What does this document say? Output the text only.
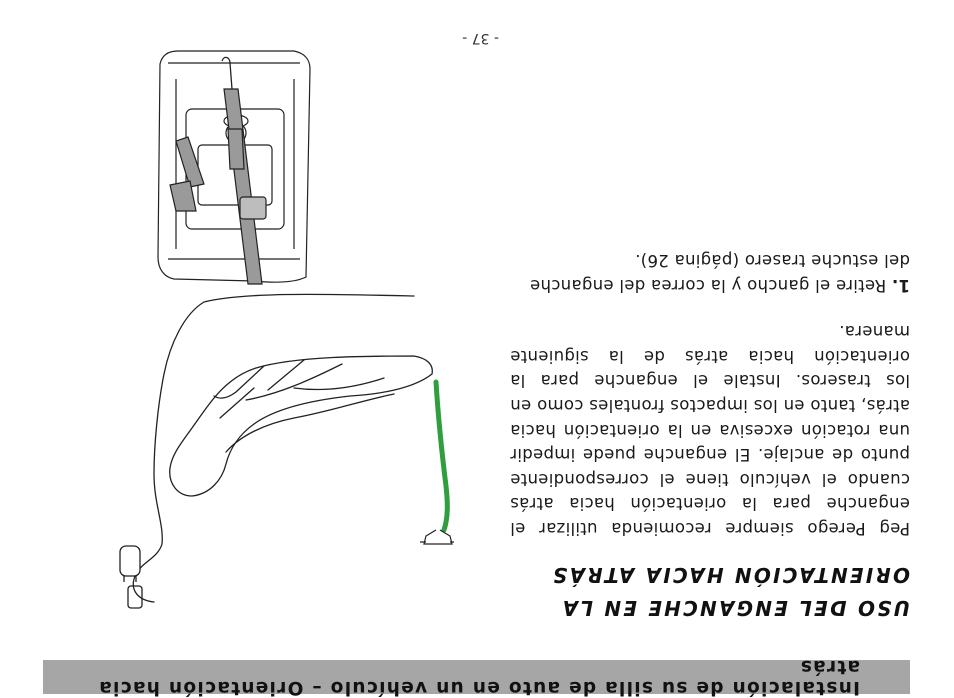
Instalación de su silla de auto en un vehículo – Orientación hacia atrás
- 37 -
USO DEL ENGANCHE EN LA
ORIENTACIÓN HACIA ATRÁS

Peg Perego siempre recomienda utilizar el enganche para la orientación hacia atrás cuando el vehículo tiene el correspondiente punto de anclaje. El enganche puede impedir una rotación excesiva en la orientación hacia atrás, tanto en los impactos frontales como en los traseros. Instale el enganche para la orientación hacia atrás de la siguiente manera.

1. Retire el gancho y la correa del enganche del estuche trasero (página 26).
